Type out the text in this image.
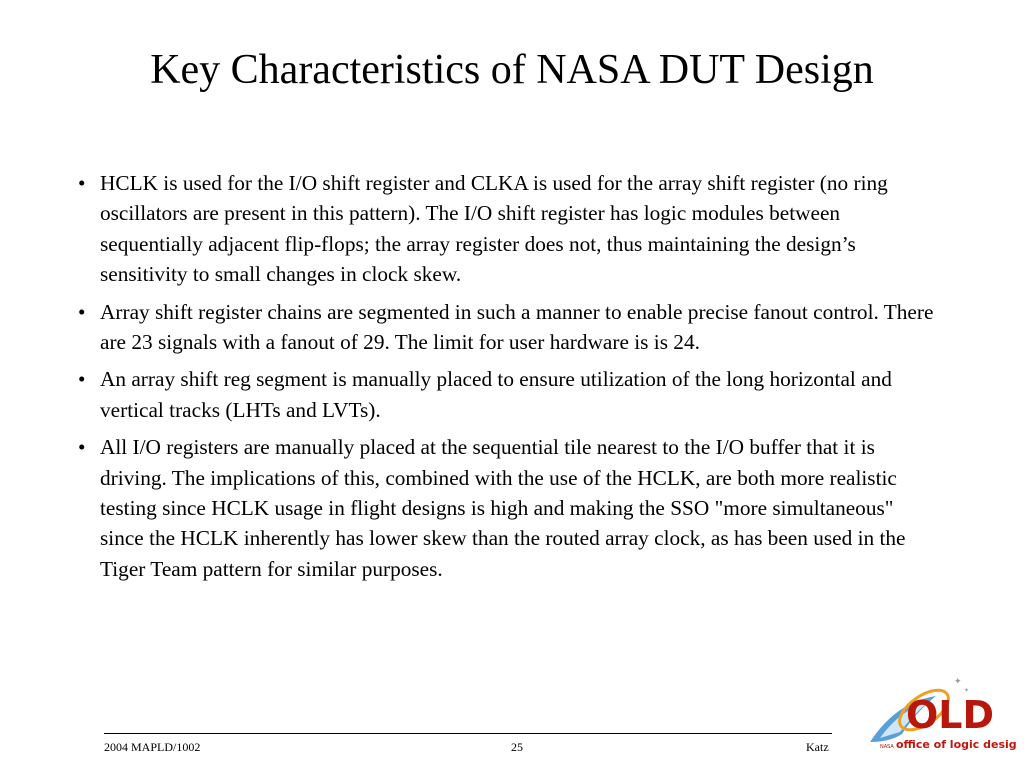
Key Characteristics of NASA DUT Design
• HCLK is used for the I/O shift register and CLKA is used for the array shift register (no ring oscillators are present in this pattern). The I/O shift register has logic modules between sequentially adjacent flip-flops; the array register does not, thus maintaining the design’s sensitivity to small changes in clock skew.
• Array shift register chains are segmented in such a manner to enable precise fanout control. There are 23 signals with a fanout of 29. The limit for user hardware is is 24.
• An array shift reg segment is manually placed to ensure utilization of the long horizontal and vertical tracks (LHTs and LVTs).
• All I/O registers are manually placed at the sequential tile nearest to the I/O buffer that it is driving. The implications of this, combined with the use of the HCLK, are both more realistic testing since HCLK usage in flight designs is high and making the SSO "more simultaneous" since the HCLK inherently has lower skew than the routed array clock, as has been used in the Tiger Team pattern for similar purposes.
2004 MAPLD/1002	25	Katz
✦
✦
OLD
NASA office of logic design
